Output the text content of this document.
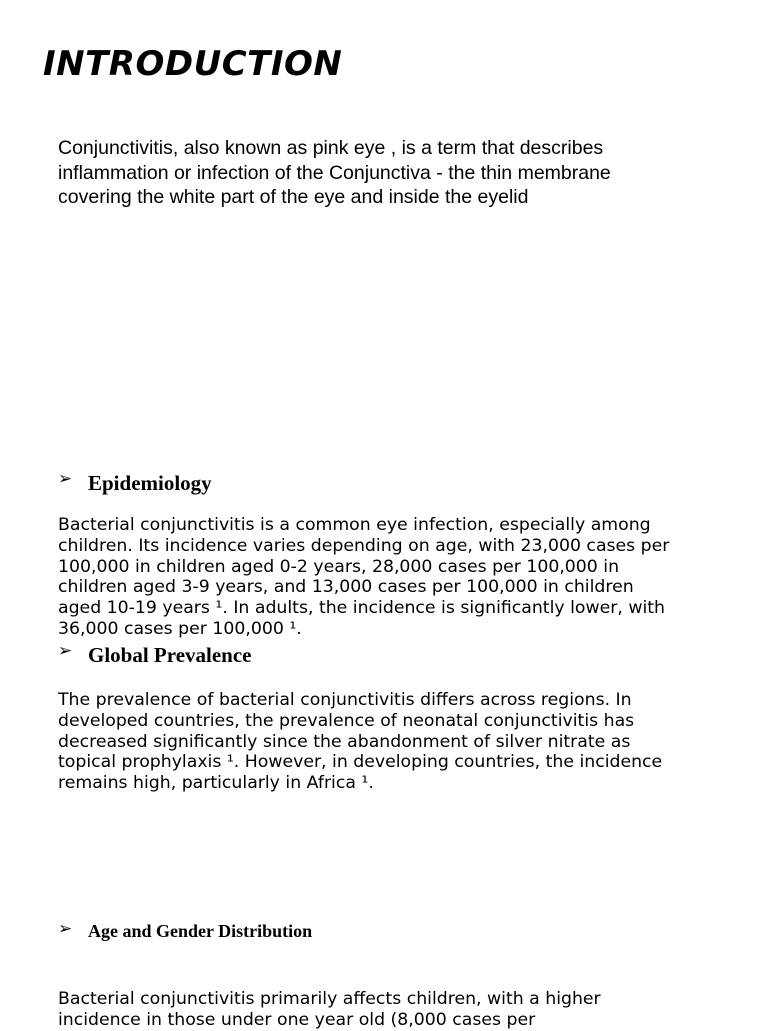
INTRODUCTION
Conjunctivitis, also known as pink eye , is a term that describes inflammation or infection of the Conjunctiva - the thin membrane covering the white part of the eye and inside the eyelid
➢ Epidemiology
Bacterial conjunctivitis is a common eye infection, especially among children. Its incidence varies depending on age, with 23,000 cases per 100,000 in children aged 0-2 years, 28,000 cases per 100,000 in children aged 3-9 years, and 13,000 cases per 100,000 in children aged 10-19 years ¹. In adults, the incidence is significantly lower, with 36,000 cases per 100,000 ¹.
➢ Global Prevalence
The prevalence of bacterial conjunctivitis differs across regions. In developed countries, the prevalence of neonatal conjunctivitis has decreased significantly since the abandonment of silver nitrate as topical prophylaxis ¹. However, in developing countries, the incidence remains high, particularly in Africa ¹.
➢ Age and Gender Distribution
Bacterial conjunctivitis primarily affects children, with a higher incidence in those under one year old (8,000 cases per
